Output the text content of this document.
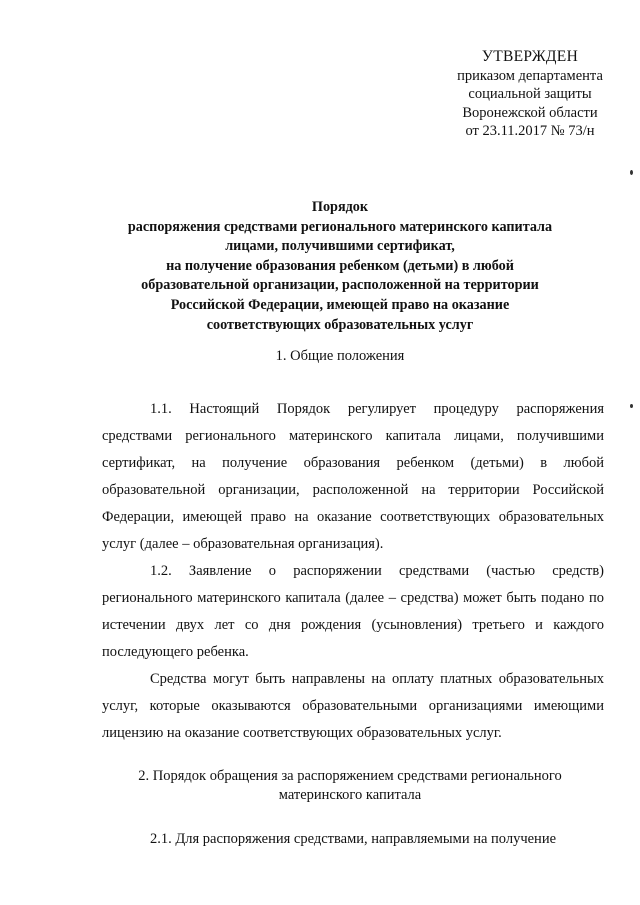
УТВЕРЖДЕН
приказом департамента
социальной защиты
Воронежской области
от 23.11.2017 № 73/н
Порядок
распоряжения средствами регионального материнского капитала
лицами, получившими сертификат,
на получение образования ребенком (детьми) в любой
образовательной организации, расположенной на территории
Российской Федерации, имеющей право на оказание
соответствующих образовательных услуг
1. Общие положения

1.1. Настоящий Порядок регулирует процедуру распоряжения средствами регионального материнского капитала лицами, получившими сертификат, на получение образования ребенком (детьми) в любой образовательной организации, расположенной на территории Российской Федерации, имеющей право на оказание соответствующих образовательных услуг (далее – образовательная организация).

1.2. Заявление о распоряжении средствами (частью средств) регионального материнского капитала (далее – средства) может быть подано по истечении двух лет со дня рождения (усыновления) третьего и каждого последующего ребенка.

Средства могут быть направлены на оплату платных образовательных услуг, которые оказываются образовательными организациями имеющими лицензию на оказание соответствующих образовательных услуг.

2. Порядок обращения за распоряжением средствами регионального
материнского капитала

2.1. Для распоряжения средствами, направляемыми на получение
